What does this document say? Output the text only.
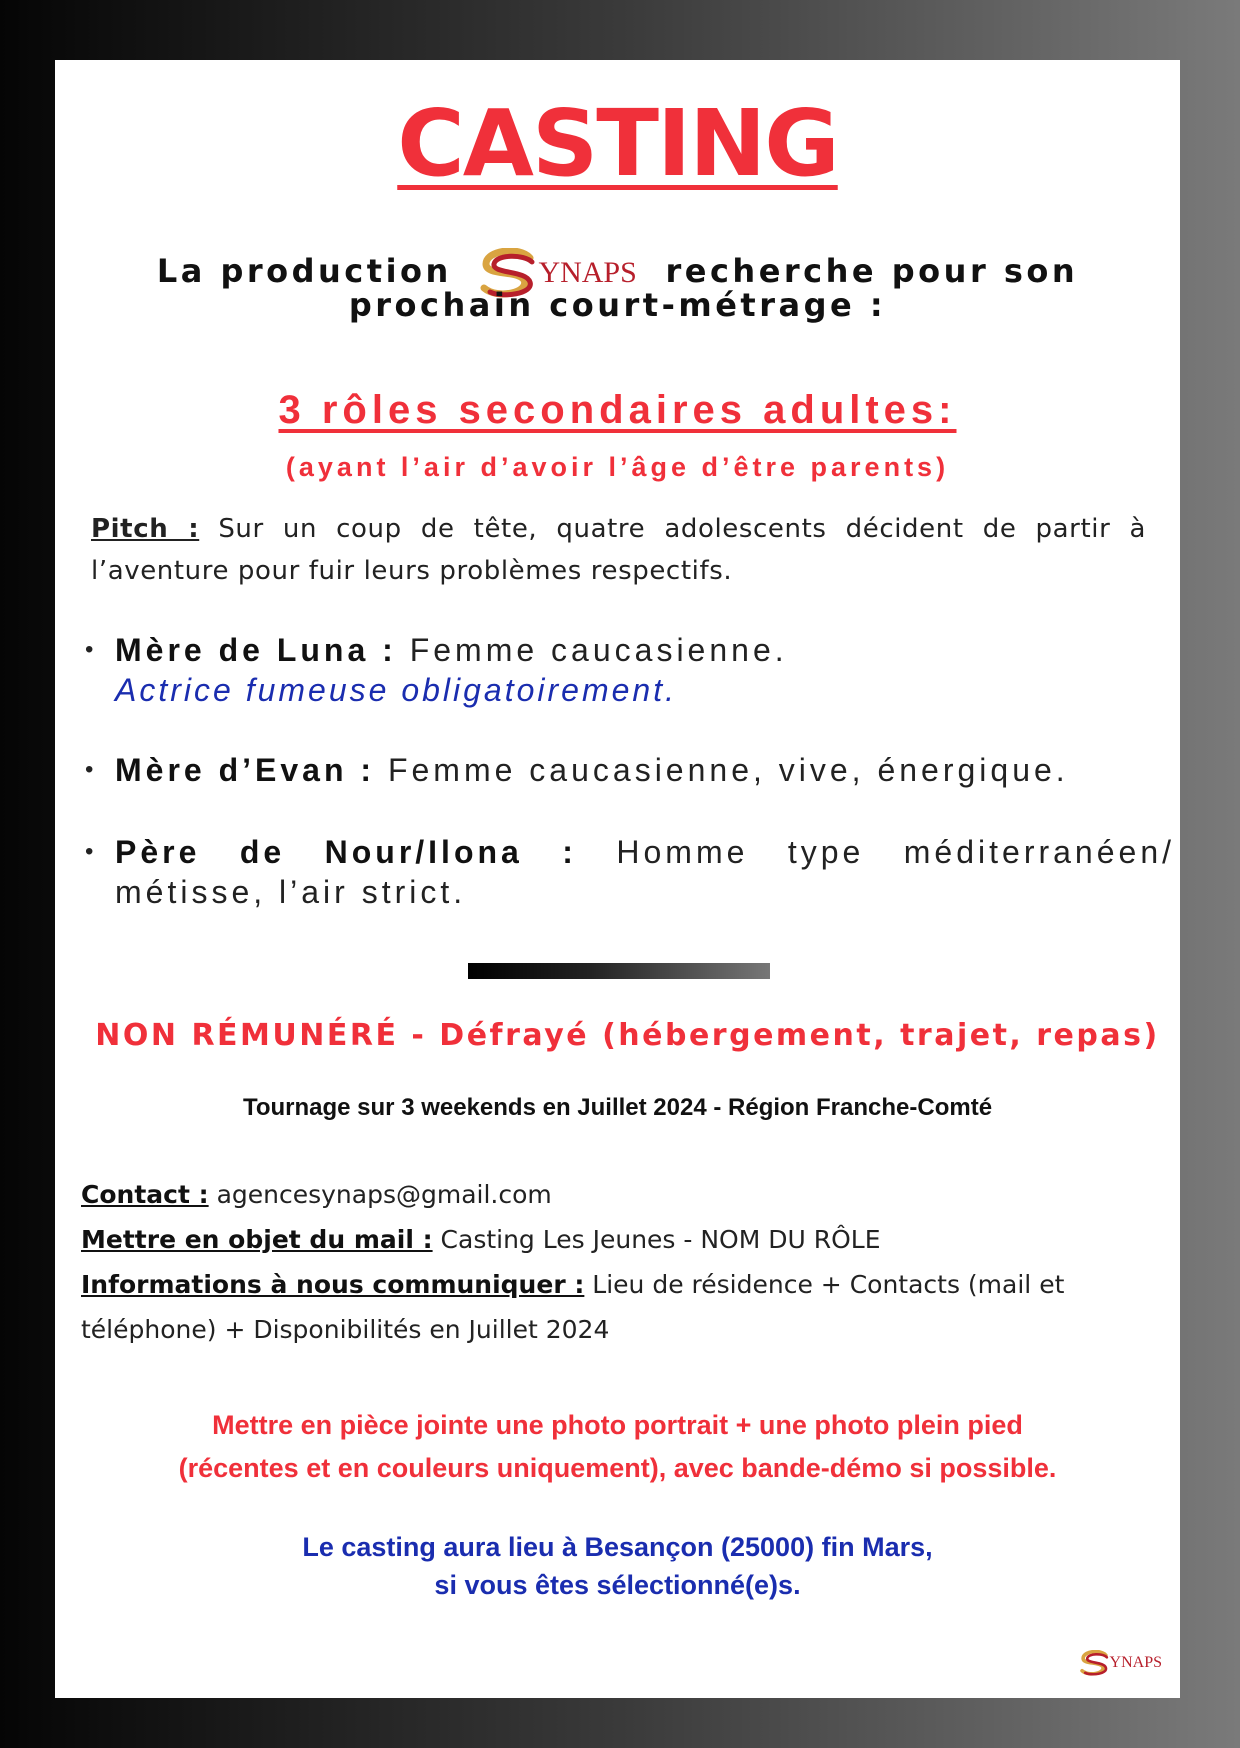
CASTING
La production	YNAPS recherche pour son
prochain court-métrage :
3 rôles secondaires adultes:
(ayant l’air d’avoir l’âge d’être parents)
Pitch : Sur un coup de tête, quatre adolescents décident de partir à l’aventure pour fuir leurs problèmes respectifs.
• Mère de Luna : Femme caucasienne.
Actrice fumeuse obligatoirement.
• Mère d’Evan : Femme caucasienne, vive, énergique.
• Père de Nour/Ilona : Homme type méditerranéen/ métisse, l’air strict.
NON RÉMUNÉRÉ - Défrayé (hébergement, trajet, repas)
Tournage sur 3 weekends en Juillet 2024 - Région Franche-Comté
Contact : agencesynaps@gmail.com
Mettre en objet du mail : Casting Les Jeunes - NOM DU RÔLE
Informations à nous communiquer : Lieu de résidence + Contacts (mail et téléphone) + Disponibilités en Juillet 2024
Mettre en pièce jointe une photo portrait + une photo plein pied
(récentes et en couleurs uniquement), avec bande-démo si possible.
Le casting aura lieu à Besançon (25000) fin Mars,
si vous êtes sélectionné(e)s.
YNAPS
